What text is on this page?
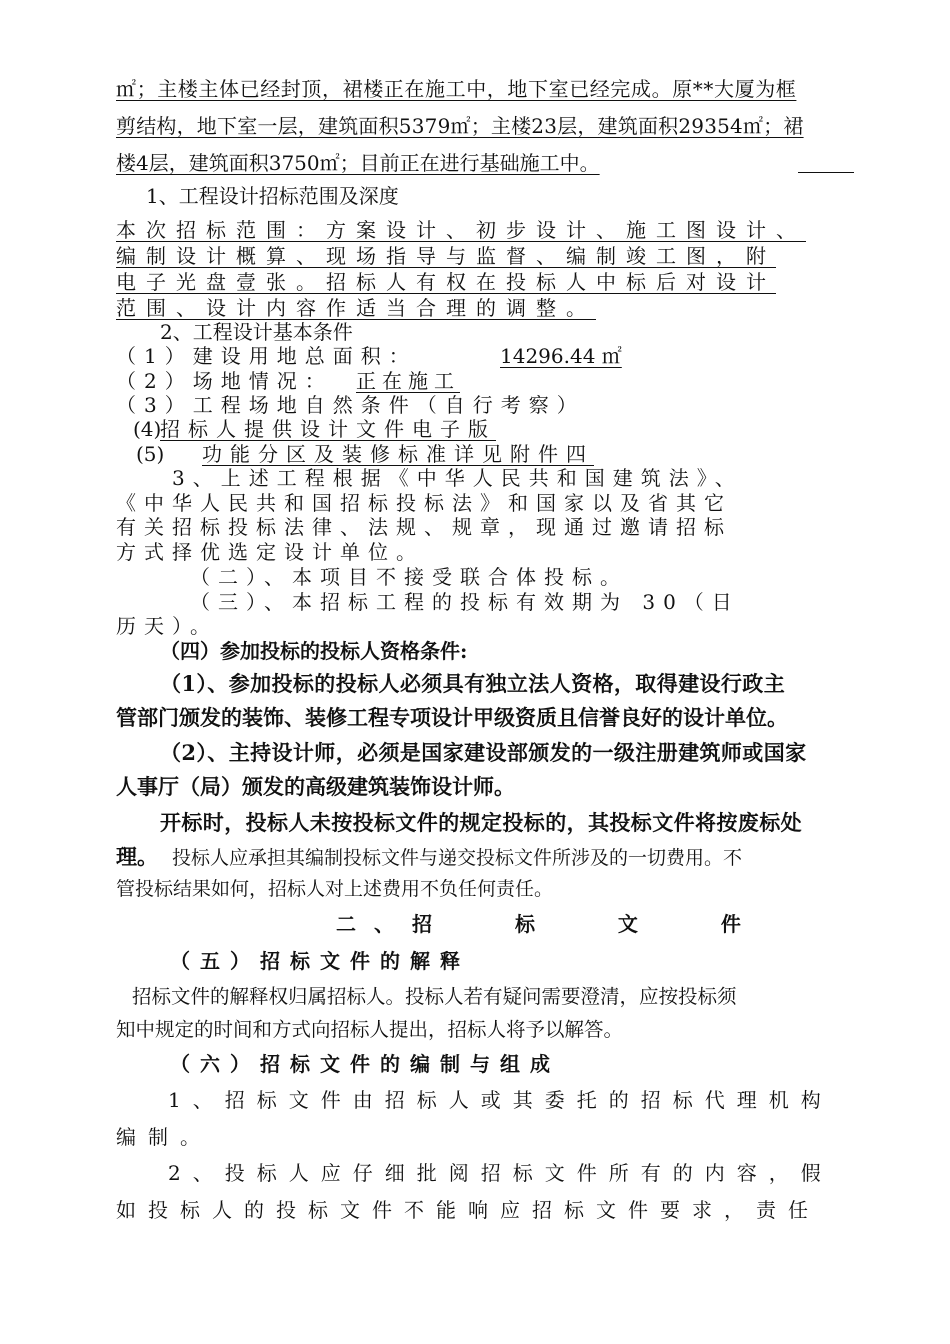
㎡；主楼主体已经封顶，裙楼正在施工中，地下室已经完成。原**大厦为框
剪结构，地下室一层，建筑面积5379㎡；主楼23层，建筑面积29354㎡；裙
楼4层，建筑面积3750㎡；目前正在进行基础施工中。
1、工程设计招标范围及深度
本次招标范围：方案设计、初步设计、施工图设计、
编制设计概算、现场指导与监督、编制竣工图，附
电子光盘壹张。招标人有权在投标人中标后对设计
范围、设计内容作适当合理的调整。
2、工程设计基本条件
（1）建设用地总面积：	14296.44 ㎡
（2）场地情况：	正在施工
（3）工程场地自然条件（自行考察）
(4)
招标人提供设计文件电子版
(5)	功能分区及装修标准详见附件四
3、上述工程根据《中华人民共和国建筑法》、
《中华人民共和国招标投标法》和国家以及省其它
有关招标投标法律、法规、规章，现通过邀请招标
方式择优选定设计单位。
（二）、本项目不接受联合体投标。
（三）、本招标工程的投标有效期为 30（日
历天）。
（四）参加投标的投标人资格条件:
（1）、参加投标的投标人必须具有独立法人资格，取得建设行政主
管部门颁发的装饰、装修工程专项设计甲级资质且信誉良好的设计单位。
（2）、主持设计师，必须是国家建设部颁发的一级注册建筑师或国家
人事厅（局）颁发的高级建筑装饰设计师。
开标时，投标人未按投标文件的规定投标的，其投标文件将按废标处
理。 投标人应承担其编制投标文件与递交投标文件所涉及的一切费用。不
管投标结果如何，招标人对上述费用不负任何责任。
二、招 标 文 件
（五）招标文件的解释
招标文件的解释权归属招标人。投标人若有疑问需要澄清，应按投标须
知中规定的时间和方式向招标人提出，招标人将予以解答。
（六）招标文件的编制与组成
1、招标文件由招标人或其委托的招标代理机构
编制。
2、投标人应仔细批阅招标文件所有的内容，假
如投标人的投标文件不能响应招标文件要求，责任
